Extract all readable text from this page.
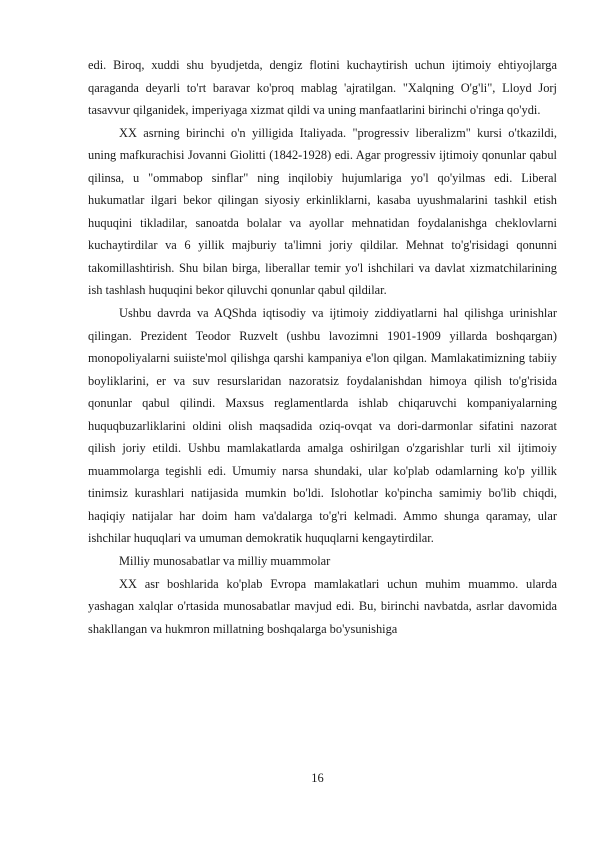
edi. Biroq, xuddi shu byudjetda, dengiz flotini kuchaytirish uchun ijtimoiy ehtiyojlarga qaraganda deyarli to'rt baravar ko'proq mablag 'ajratilgan. "Xalqning O'g'li", Lloyd Jorj tasavvur qilganidek, imperiyaga xizmat qildi va uning manfaatlarini birinchi o'ringa qo'ydi.

XX asrning birinchi o'n yilligida Italiyada. "progressiv liberalizm" kursi o'tkazildi, uning mafkurachisi Jovanni Giolitti (1842-1928) edi. Agar progressiv ijtimoiy qonunlar qabul qilinsa, u "ommabop sinflar" ning inqilobiy hujumlariga yo'l qo'yilmas edi. Liberal hukumatlar ilgari bekor qilingan siyosiy erkinliklarni, kasaba uyushmalarini tashkil etish huquqini tikladilar, sanoatda bolalar va ayollar mehnatidan foydalanishga cheklovlarni kuchaytirdilar va 6 yillik majburiy ta'limni joriy qildilar. Mehnat to'g'risidagi qonunni takomillashtirish. Shu bilan birga, liberallar temir yo'l ishchilari va davlat xizmatchilarining ish tashlash huquqini bekor qiluvchi qonunlar qabul qildilar.

Ushbu davrda va AQShda iqtisodiy va ijtimoiy ziddiyatlarni hal qilishga urinishlar qilingan. Prezident Teodor Ruzvelt (ushbu lavozimni 1901-1909 yillarda boshqargan) monopoliyalarni suiiste'mol qilishga qarshi kampaniya e'lon qilgan. Mamlakatimizning tabiiy boyliklarini, er va suv resurslaridan nazoratsiz foydalanishdan himoya qilish to'g'risida qonunlar qabul qilindi. Maxsus reglamentlarda ishlab chiqaruvchi kompaniyalarning huquqbuzarliklarini oldini olish maqsadida oziq-ovqat va dori-darmonlar sifatini nazorat qilish joriy etildi. Ushbu mamlakatlarda amalga oshirilgan o'zgarishlar turli xil ijtimoiy muammolarga tegishli edi. Umumiy narsa shundaki, ular ko'plab odamlarning ko'p yillik tinimsiz kurashlari natijasida mumkin bo'ldi. Islohotlar ko'pincha samimiy bo'lib chiqdi, haqiqiy natijalar har doim ham va'dalarga to'g'ri kelmadi. Ammo shunga qaramay, ular ishchilar huquqlari va umuman demokratik huquqlarni kengaytirdilar.

Milliy munosabatlar va milliy muammolar

XX asr boshlarida ko'plab Evropa mamlakatlari uchun muhim muammo. ularda yashagan xalqlar o'rtasida munosabatlar mavjud edi. Bu, birinchi navbatda, asrlar davomida shakllangan va hukmron millatning boshqalarga bo'ysunishiga

16
